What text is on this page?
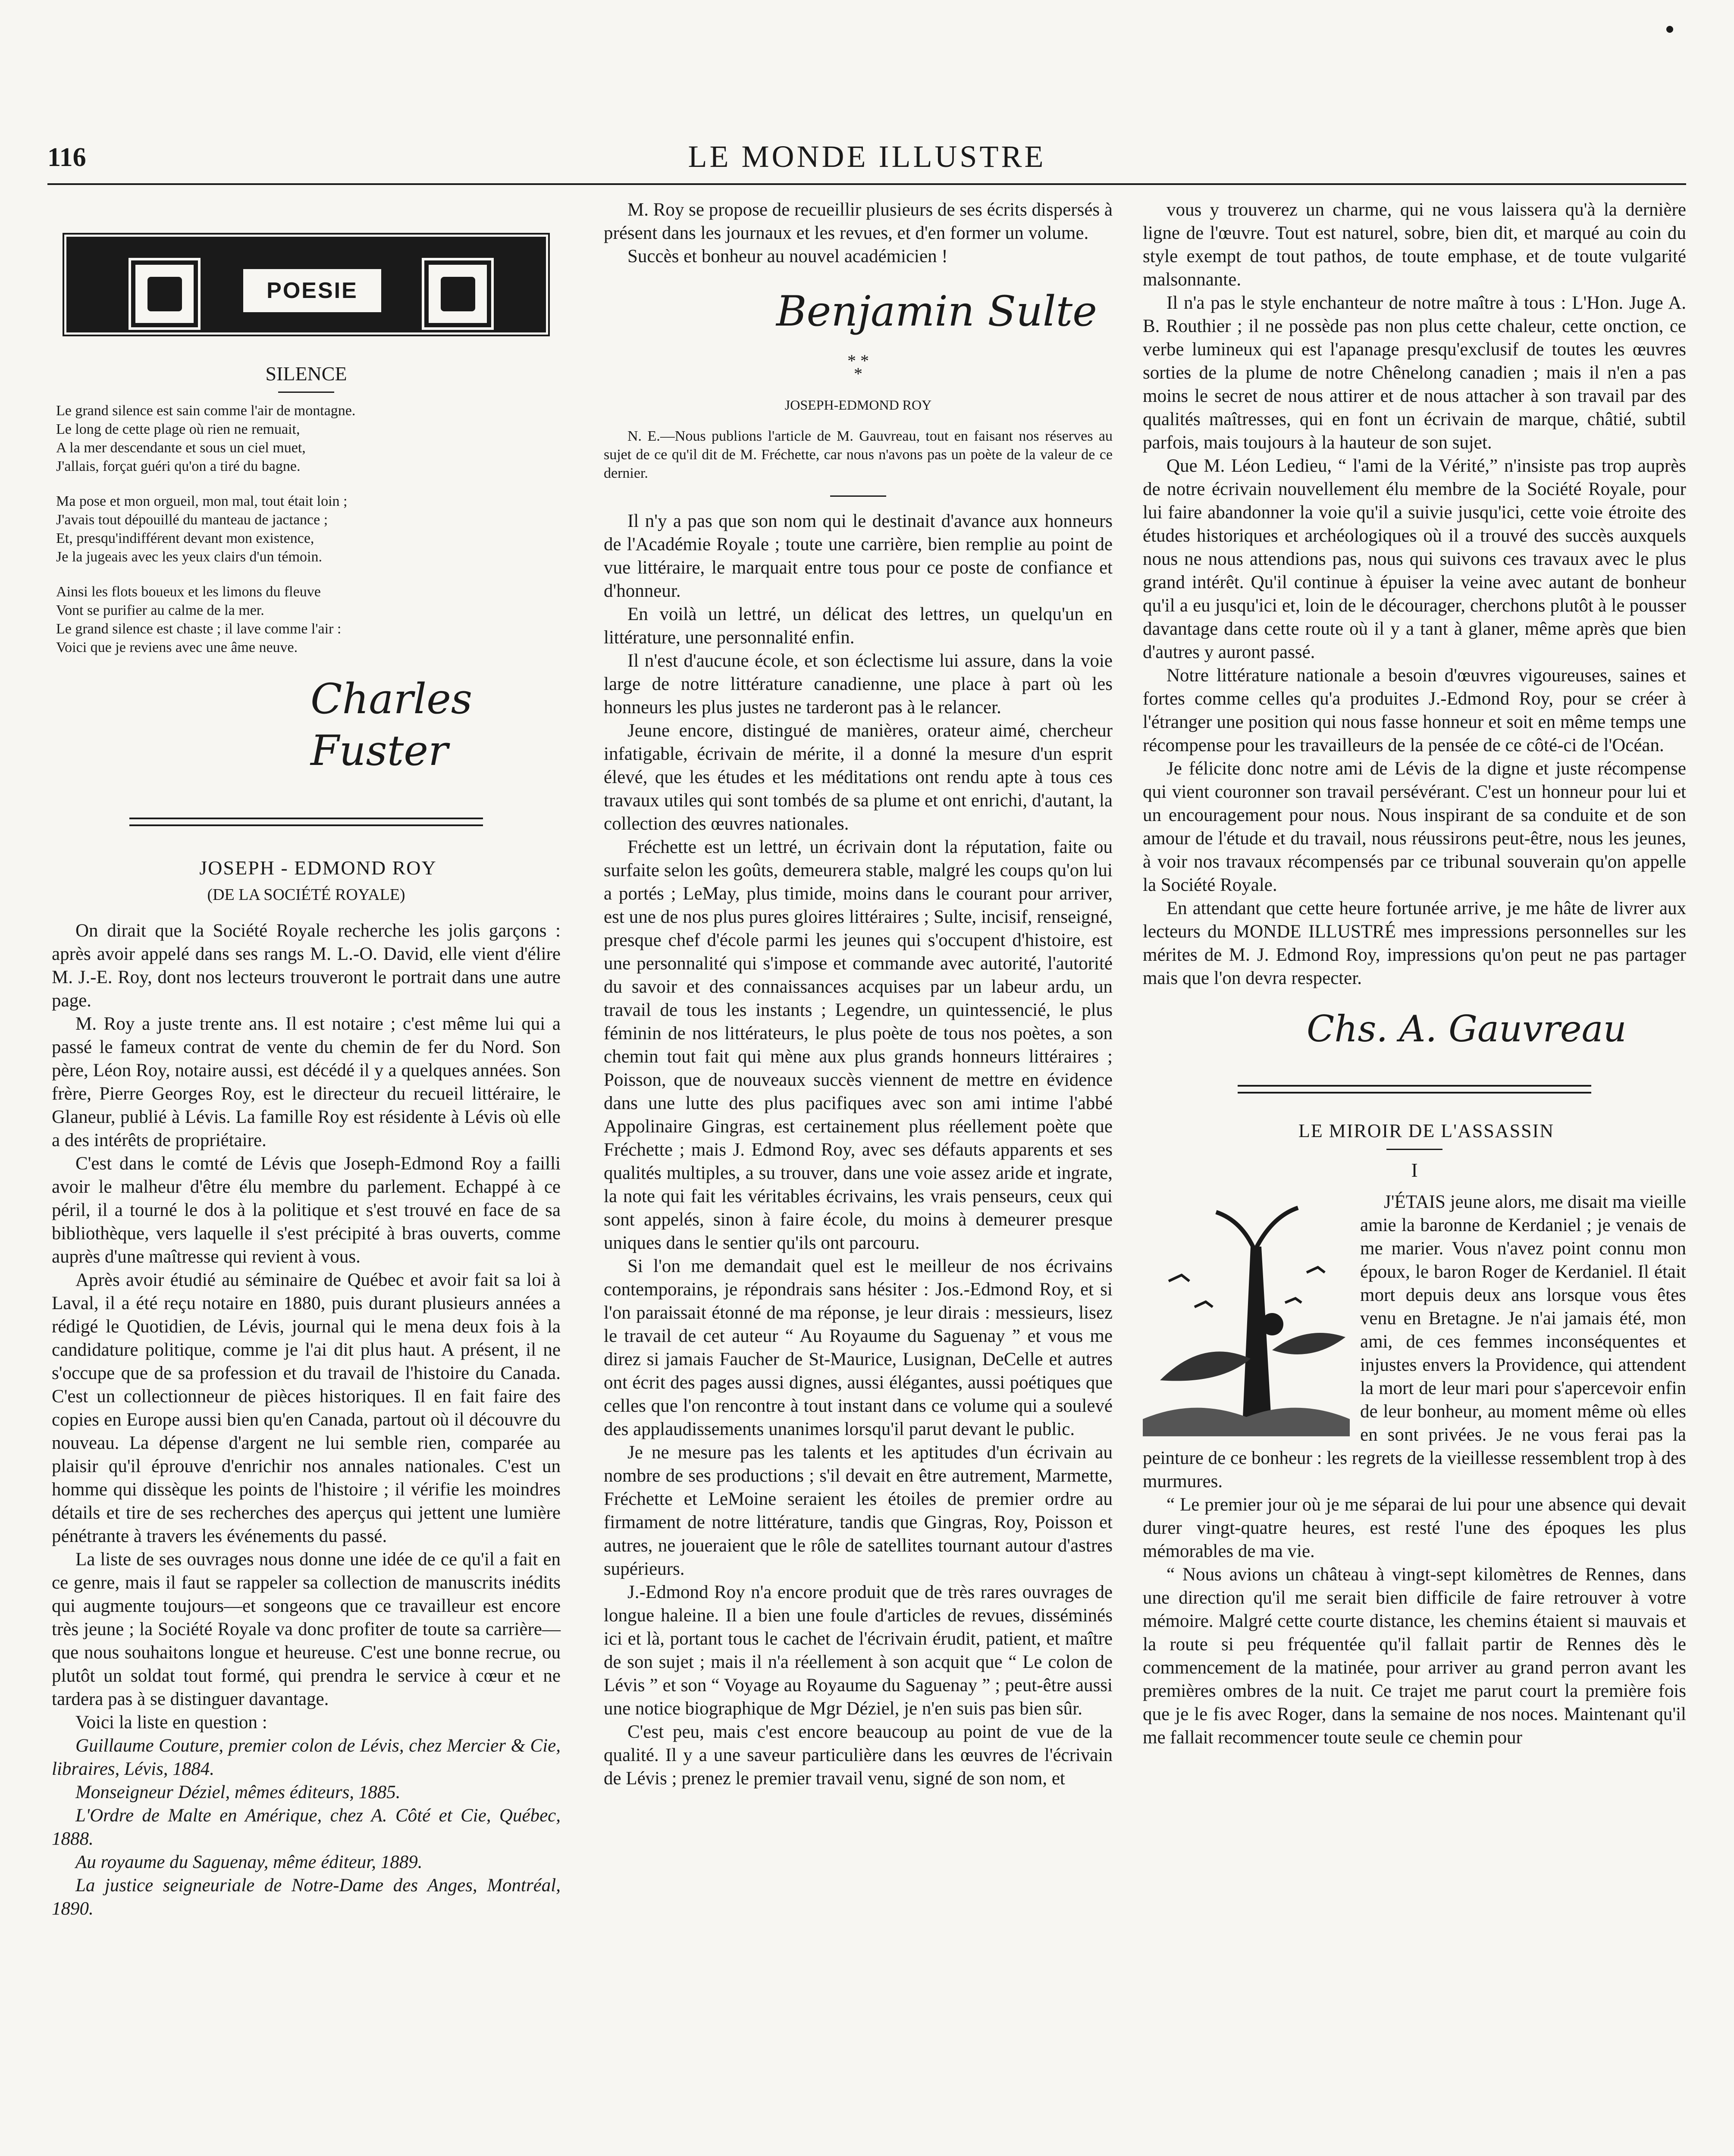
116	LE MONDE ILLUSTRE
POESIE

SILENCE

Le grand silence est sain comme l'air de montagne.
Le long de cette plage où rien ne remuait,
A la mer descendante et sous un ciel muet,
J'allais, forçat guéri qu'on a tiré du bagne.
Ma pose et mon orgueil, mon mal, tout était loin ;
J'avais tout dépouillé du manteau de jactance ;
Et, presqu'indifférent devant mon existence,
Je la jugeais avec les yeux clairs d'un témoin.
Ainsi les flots boueux et les limons du fleuve
Vont se purifier au calme de la mer.
Le grand silence est chaste ; il lave comme l'air :
Voici que je reviens avec une âme neuve.
Charles Fuster

JOSEPH - EDMOND ROY

(DE LA SOCIÉTÉ ROYALE)

On dirait que la Société Royale recherche les jolis garçons : après avoir appelé dans ses rangs M. L.-O. David, elle vient d'élire M. J.-E. Roy, dont nos lecteurs trouveront le portrait dans une autre page.

M. Roy a juste trente ans. Il est notaire ; c'est même lui qui a passé le fameux contrat de vente du chemin de fer du Nord. Son père, Léon Roy, notaire aussi, est décédé il y a quelques années. Son frère, Pierre Georges Roy, est le directeur du recueil littéraire, le Glaneur, publié à Lévis. La famille Roy est résidente à Lévis où elle a des intérêts de propriétaire.

C'est dans le comté de Lévis que Joseph-Edmond Roy a failli avoir le malheur d'être élu membre du parlement. Echappé à ce péril, il a tourné le dos à la politique et s'est trouvé en face de sa bibliothèque, vers laquelle il s'est précipité à bras ouverts, comme auprès d'une maîtresse qui revient à vous.

Après avoir étudié au séminaire de Québec et avoir fait sa loi à Laval, il a été reçu notaire en 1880, puis durant plusieurs années a rédigé le Quotidien, de Lévis, journal qui le mena deux fois à la candidature politique, comme je l'ai dit plus haut. A présent, il ne s'occupe que de sa profession et du travail de l'histoire du Canada. C'est un collectionneur de pièces historiques. Il en fait faire des copies en Europe aussi bien qu'en Canada, partout où il découvre du nouveau. La dépense d'argent ne lui semble rien, comparée au plaisir qu'il éprouve d'enrichir nos annales nationales. C'est un homme qui dissèque les points de l'histoire ; il vérifie les moindres détails et tire de ses recherches des aperçus qui jettent une lumière pénétrante à travers les événements du passé.

La liste de ses ouvrages nous donne une idée de ce qu'il a fait en ce genre, mais il faut se rappeler sa collection de manuscrits inédits qui augmente toujours—et songeons que ce travailleur est encore très jeune ; la Société Royale va donc profiter de toute sa carrière—que nous souhaitons longue et heureuse. C'est une bonne recrue, ou plutôt un soldat tout formé, qui prendra le service à cœur et ne tardera pas à se distinguer davantage.

Voici la liste en question :

Guillaume Couture, premier colon de Lévis, chez Mercier & Cie, libraires, Lévis, 1884.

Monseigneur Déziel, mêmes éditeurs, 1885.

L'Ordre de Malte en Amérique, chez A. Côté et Cie, Québec, 1888.

Au royaume du Saguenay, même éditeur, 1889.

La justice seigneuriale de Notre-Dame des Anges, Montréal, 1890.

M. Roy se propose de recueillir plusieurs de ses écrits dispersés à présent dans les journaux et les revues, et d'en former un volume.

Succès et bonheur au nouvel académicien !

Benjamin Sulte

* *
*

JOSEPH-EDMOND ROY

N. E.—Nous publions l'article de M. Gauvreau, tout en faisant nos réserves au sujet de ce qu'il dit de M. Fréchette, car nous n'avons pas un poète de la valeur de ce dernier.

Il n'y a pas que son nom qui le destinait d'avance aux honneurs de l'Académie Royale ; toute une carrière, bien remplie au point de vue littéraire, le marquait entre tous pour ce poste de confiance et d'honneur.

En voilà un lettré, un délicat des lettres, un quelqu'un en littérature, une personnalité enfin.

Il n'est d'aucune école, et son éclectisme lui assure, dans la voie large de notre littérature canadienne, une place à part où les honneurs les plus justes ne tarderont pas à le relancer.

Jeune encore, distingué de manières, orateur aimé, chercheur infatigable, écrivain de mérite, il a donné la mesure d'un esprit élevé, que les études et les méditations ont rendu apte à tous ces travaux utiles qui sont tombés de sa plume et ont enrichi, d'autant, la collection des œuvres nationales.

Fréchette est un lettré, un écrivain dont la réputation, faite ou surfaite selon les goûts, demeurera stable, malgré les coups qu'on lui a portés ; LeMay, plus timide, moins dans le courant pour arriver, est une de nos plus pures gloires littéraires ; Sulte, incisif, renseigné, presque chef d'école parmi les jeunes qui s'occupent d'histoire, est une personnalité qui s'impose et commande avec autorité, l'autorité du savoir et des connaissances acquises par un labeur ardu, un travail de tous les instants ; Legendre, un quintessencié, le plus féminin de nos littérateurs, le plus poète de tous nos poètes, a son chemin tout fait qui mène aux plus grands honneurs littéraires ; Poisson, que de nouveaux succès viennent de mettre en évidence dans une lutte des plus pacifiques avec son ami intime l'abbé Appolinaire Gingras, est certainement plus réellement poète que Fréchette ; mais J. Edmond Roy, avec ses défauts apparents et ses qualités multiples, a su trouver, dans une voie assez aride et ingrate, la note qui fait les véritables écrivains, les vrais penseurs, ceux qui sont appelés, sinon à faire école, du moins à demeurer presque uniques dans le sentier qu'ils ont parcouru.

Si l'on me demandait quel est le meilleur de nos écrivains contemporains, je répondrais sans hésiter : Jos.-Edmond Roy, et si l'on paraissait étonné de ma réponse, je leur dirais : messieurs, lisez le travail de cet auteur “ Au Royaume du Saguenay ” et vous me direz si jamais Faucher de St-Maurice, Lusignan, DeCelle et autres ont écrit des pages aussi dignes, aussi élégantes, aussi poétiques que celles que l'on rencontre à tout instant dans ce volume qui a soulevé des applaudissements unanimes lorsqu'il parut devant le public.

Je ne mesure pas les talents et les aptitudes d'un écrivain au nombre de ses productions ; s'il devait en être autrement, Marmette, Fréchette et LeMoine seraient les étoiles de premier ordre au firmament de notre littérature, tandis que Gingras, Roy, Poisson et autres, ne joueraient que le rôle de satellites tournant autour d'astres supérieurs.

J.-Edmond Roy n'a encore produit que de très rares ouvrages de longue haleine. Il a bien une foule d'articles de revues, disséminés ici et là, portant tous le cachet de l'écrivain érudit, patient, et maître de son sujet ; mais il n'a réellement à son acquit que “ Le colon de Lévis ” et son “ Voyage au Royaume du Saguenay ” ; peut-être aussi une notice biographique de Mgr Déziel, je n'en suis pas bien sûr.

C'est peu, mais c'est encore beaucoup au point de vue de la qualité. Il y a une saveur particulière dans les œuvres de l'écrivain de Lévis ; prenez le premier travail venu, signé de son nom, et

vous y trouverez un charme, qui ne vous laissera qu'à la dernière ligne de l'œuvre. Tout est naturel, sobre, bien dit, et marqué au coin du style exempt de tout pathos, de toute emphase, et de toute vulgarité malsonnante.

Il n'a pas le style enchanteur de notre maître à tous : L'Hon. Juge A. B. Routhier ; il ne possède pas non plus cette chaleur, cette onction, ce verbe lumineux qui est l'apanage presqu'exclusif de toutes les œuvres sorties de la plume de notre Chênelong canadien ; mais il n'en a pas moins le secret de nous attirer et de nous attacher à son travail par des qualités maîtresses, qui en font un écrivain de marque, châtié, subtil parfois, mais toujours à la hauteur de son sujet.

Que M. Léon Ledieu, “ l'ami de la Vérité,” n'insiste pas trop auprès de notre écrivain nouvellement élu membre de la Société Royale, pour lui faire abandonner la voie qu'il a suivie jusqu'ici, cette voie étroite des études historiques et archéologiques où il a trouvé des succès auxquels nous ne nous attendions pas, nous qui suivons ces travaux avec le plus grand intérêt. Qu'il continue à épuiser la veine avec autant de bonheur qu'il a eu jusqu'ici et, loin de le décourager, cherchons plutôt à le pousser davantage dans cette route où il y a tant à glaner, même après que bien d'autres y auront passé.

Notre littérature nationale a besoin d'œuvres vigoureuses, saines et fortes comme celles qu'a produites J.-Edmond Roy, pour se créer à l'étranger une position qui nous fasse honneur et soit en même temps une récompense pour les travailleurs de la pensée de ce côté-ci de l'Océan.

Je félicite donc notre ami de Lévis de la digne et juste récompense qui vient couronner son travail persévérant. C'est un honneur pour lui et un encouragement pour nous. Nous inspirant de sa conduite et de son amour de l'étude et du travail, nous réussirons peut-être, nous les jeunes, à voir nos travaux récompensés par ce tribunal souverain qu'on appelle la Société Royale.

En attendant que cette heure fortunée arrive, je me hâte de livrer aux lecteurs du MONDE ILLUSTRÉ mes impressions personnelles sur les mérites de M. J. Edmond Roy, impressions qu'on peut ne pas partager mais que l'on devra respecter.

Chs. A. Gauvreau

LE MIROIR DE L'ASSASSIN

I

J'ÉTAIS jeune alors, me disait ma vieille amie la baronne de Kerdaniel ; je venais de me marier. Vous n'avez point connu mon époux, le baron Roger de Kerdaniel. Il était mort depuis deux ans lorsque vous êtes venu en Bretagne. Je n'ai jamais été, mon ami, de ces femmes inconséquentes et injustes envers la Providence, qui attendent la mort de leur mari pour s'apercevoir enfin de leur bonheur, au moment même où elles en sont privées. Je ne vous ferai pas la peinture de ce bonheur : les regrets de la vieillesse ressemblent trop à des murmures.

“ Le premier jour où je me séparai de lui pour une absence qui devait durer vingt-quatre heures, est resté l'une des époques les plus mémorables de ma vie.

“ Nous avions un château à vingt-sept kilomètres de Rennes, dans une direction qu'il me serait bien difficile de faire retrouver à votre mémoire. Malgré cette courte distance, les chemins étaient si mauvais et la route si peu fréquentée qu'il fallait partir de Rennes dès le commencement de la matinée, pour arriver au grand perron avant les premières ombres de la nuit. Ce trajet me parut court la première fois que je le fis avec Roger, dans la semaine de nos noces. Maintenant qu'il me fallait recommencer toute seule ce chemin pour
